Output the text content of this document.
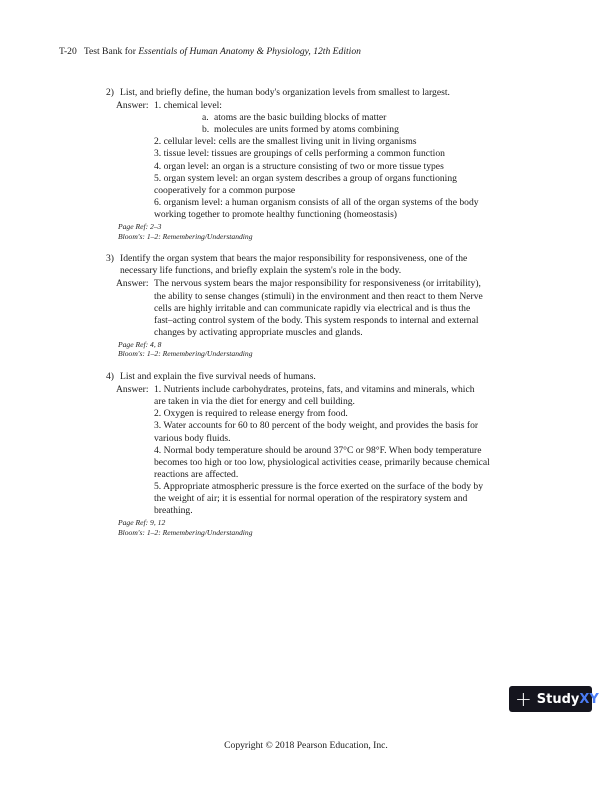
T-20 Test Bank for Essentials of Human Anatomy & Physiology, 12th Edition
2) List, and briefly define, the human body's organization levels from smallest to largest.
Answer: 1. chemical level:
a. atoms are the basic building blocks of matter
b. molecules are units formed by atoms combining
2. cellular level: cells are the smallest living unit in living organisms
3. tissue level: tissues are groupings of cells performing a common function
4. organ level: an organ is a structure consisting of two or more tissue types
5. organ system level: an organ system describes a group of organs functioning
cooperatively for a common purpose
6. organism level: a human organism consists of all of the organ systems of the body
working together to promote healthy functioning (homeostasis)
Page Ref: 2–3
Bloom's: 1–2: Remembering/Understanding
3) Identify the organ system that bears the major responsibility for responsiveness, one of the
necessary life functions, and briefly explain the system's role in the body.
Answer: The nervous system bears the major responsibility for responsiveness (or irritability),
the ability to sense changes (stimuli) in the environment and then react to them Nerve
cells are highly irritable and can communicate rapidly via electrical and is thus the
fast–acting control system of the body. This system responds to internal and external
changes by activating appropriate muscles and glands.
Page Ref: 4, 8
Bloom's: 1–2: Remembering/Understanding
4) List and explain the five survival needs of humans.
Answer: 1. Nutrients include carbohydrates, proteins, fats, and vitamins and minerals, which
are taken in via the diet for energy and cell building.
2. Oxygen is required to release energy from food.
3. Water accounts for 60 to 80 percent of the body weight, and provides the basis for
various body fluids.
4. Normal body temperature should be around 37°C or 98°F. When body temperature
becomes too high or too low, physiological activities cease, primarily because chemical
reactions are affected.
5. Appropriate atmospheric pressure is the force exerted on the surface of the body by
the weight of air; it is essential for normal operation of the respiratory system and
breathing.
Page Ref: 9, 12
Bloom's: 1–2: Remembering/Understanding
+ StudyXY
Copyright © 2018 Pearson Education, Inc.
